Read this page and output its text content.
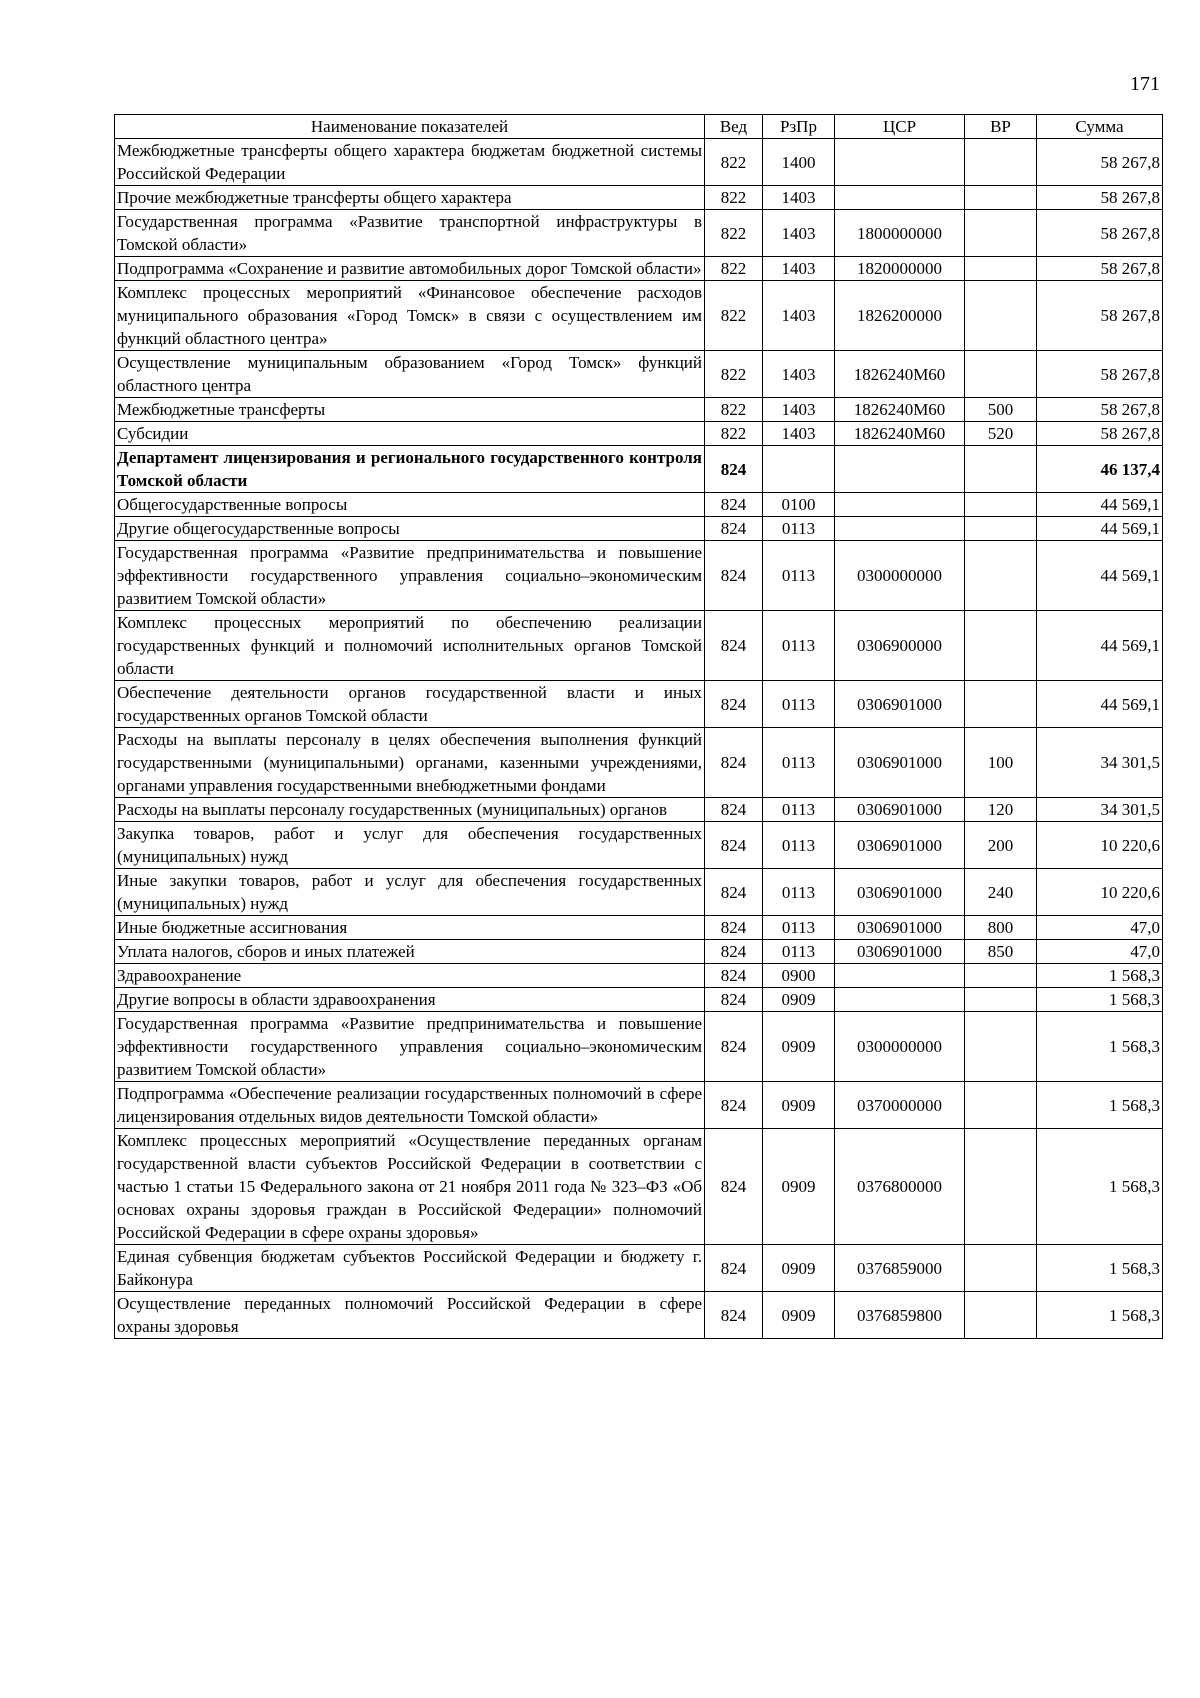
171
Наименование показателей	Вед	РзПр	ЦСР	ВР	Сумма
Межбюджетные трансферты общего характера бюджетам бюджетной системы Российской Федерации	822	1400			58 267,8
Прочие межбюджетные трансферты общего характера	822	1403			58 267,8
Государственная программа «Развитие транспортной инфраструктуры в Томской области»	822	1403	1800000000		58 267,8
Подпрограмма «Сохранение и развитие автомобильных дорог Томской области»	822	1403	1820000000		58 267,8
Комплекс процессных мероприятий «Финансовое обеспечение расходов муниципального образования «Город Томск» в связи с осуществлением им функций областного центра»	822	1403	1826200000		58 267,8
Осуществление муниципальным образованием «Город Томск» функций областного центра	822	1403	1826240M60		58 267,8
Межбюджетные трансферты	822	1403	1826240M60	500	58 267,8
Субсидии	822	1403	1826240M60	520	58 267,8
Департамент лицензирования и регионального государственного контроля Томской области	824				46 137,4
Общегосударственные вопросы	824	0100			44 569,1
Другие общегосударственные вопросы	824	0113			44 569,1
Государственная программа «Развитие предпринимательства и повышение эффективности государственного управления социально–экономическим развитием Томской области»	824	0113	0300000000		44 569,1
Комплекс процессных мероприятий по обеспечению реализации государственных функций и полномочий исполнительных органов Томской области	824	0113	0306900000		44 569,1
Обеспечение деятельности органов государственной власти и иных государственных органов Томской области	824	0113	0306901000		44 569,1
Расходы на выплаты персоналу в целях обеспечения выполнения функций государственными (муниципальными) органами, казенными учреждениями, органами управления государственными внебюджетными фондами	824	0113	0306901000	100	34 301,5
Расходы на выплаты персоналу государственных (муниципальных) органов	824	0113	0306901000	120	34 301,5
Закупка товаров, работ и услуг для обеспечения государственных (муниципальных) нужд	824	0113	0306901000	200	10 220,6
Иные закупки товаров, работ и услуг для обеспечения государственных (муниципальных) нужд	824	0113	0306901000	240	10 220,6
Иные бюджетные ассигнования	824	0113	0306901000	800	47,0
Уплата налогов, сборов и иных платежей	824	0113	0306901000	850	47,0
Здравоохранение	824	0900			1 568,3
Другие вопросы в области здравоохранения	824	0909			1 568,3
Государственная программа «Развитие предпринимательства и повышение эффективности государственного управления социально–экономическим развитием Томской области»	824	0909	0300000000		1 568,3
Подпрограмма «Обеспечение реализации государственных полномочий в сфере лицензирования отдельных видов деятельности Томской области»	824	0909	0370000000		1 568,3
Комплекс процессных мероприятий «Осуществление переданных органам государственной власти субъектов Российской Федерации в соответствии с частью 1 статьи 15 Федерального закона от 21 ноября 2011 года № 323–ФЗ «Об основах охраны здоровья граждан в Российской Федерации» полномочий Российской Федерации в сфере охраны здоровья»	824	0909	0376800000		1 568,3
Единая субвенция бюджетам субъектов Российской Федерации и бюджету г. Байконура	824	0909	0376859000		1 568,3
Осуществление переданных полномочий Российской Федерации в сфере охраны здоровья	824	0909	0376859800		1 568,3
